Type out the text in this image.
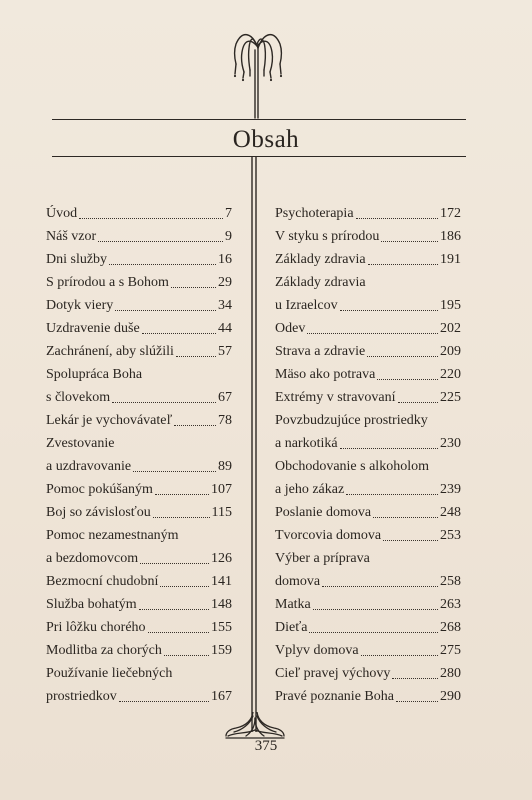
Obsah
Úvod	7
Náš vzor	9
Dni služby	16
S prírodou a s Bohom	29
Dotyk viery	34
Uzdravenie duše	44
Zachránení, aby slúžili	57
Spolupráca Boha
s človekom	67
Lekár je vychovávateľ	78
Zvestovanie
a uzdravovanie	89
Pomoc pokúšaným	107
Boj so závislosťou	115
Pomoc nezamestnaným
a bezdomovcom	126
Bezmocní chudobní	141
Služba bohatým	148
Pri lôžku chorého	155
Modlitba za chorých	159
Používanie liečebných
prostriedkov	167
Psychoterapia	172
V styku s prírodou	186
Základy zdravia	191
Základy zdravia
u Izraelcov	195
Odev	202
Strava a zdravie	209
Mäso ako potrava	220
Extrémy v stravovaní	225
Povzbudzujúce prostriedky
a narkotiká	230
Obchodovanie s alkoholom
a jeho zákaz	239
Poslanie domova	248
Tvorcovia domova	253
Výber a príprava
domova	258
Matka	263
Dieťa	268
Vplyv domova	275
Cieľ pravej výchovy	280
Pravé poznanie Boha	290
375
